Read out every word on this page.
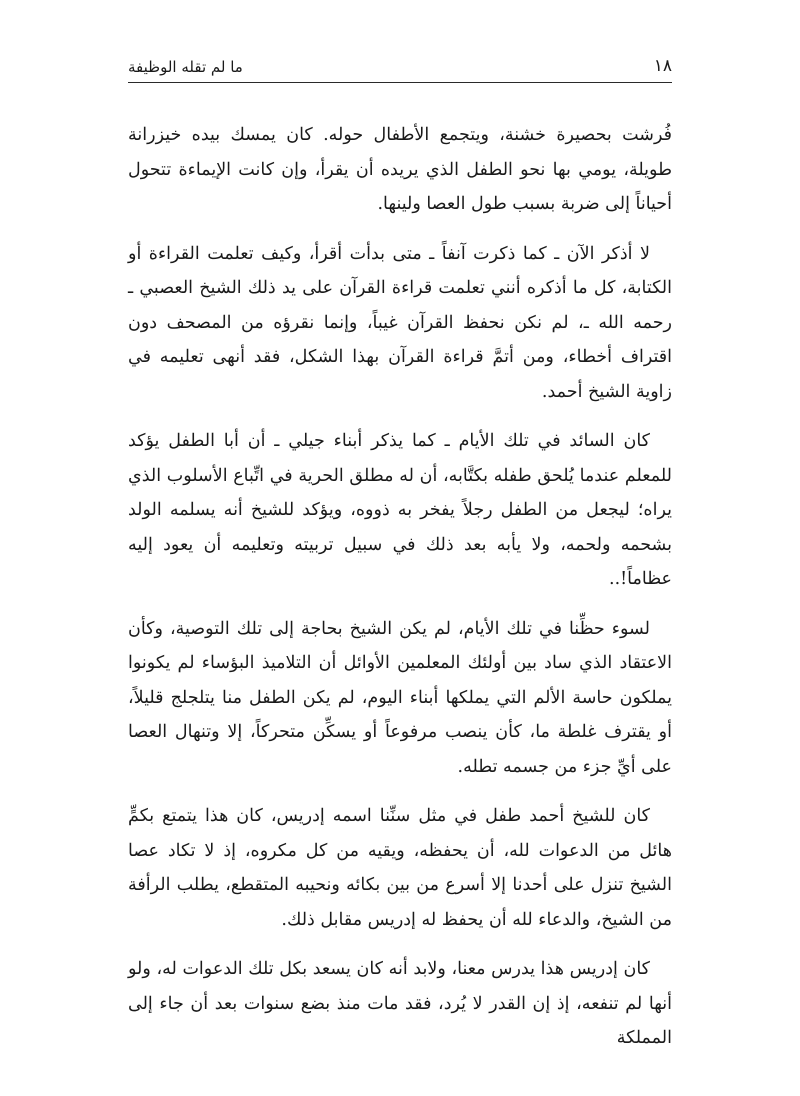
١٨
ما لم تقله الوظيفة

فُرشت بحصيرة خشنة، ويتجمع الأطفال حوله. كان يمسك بيده خيزرانة طويلة، يومي بها نحو الطفل الذي يريده أن يقرأ، وإن كانت الإيماءة تتحول أحياناً إلى ضربة بسبب طول العصا ولينها.

لا أذكر الآن ـ كما ذكرت آنفاً ـ متى بدأت أقرأ، وكيف تعلمت القراءة أو الكتابة، كل ما أذكره أنني تعلمت قراءة القرآن على يد ذلك الشيخ العصبي ـ رحمه الله ـ، لم نكن نحفظ القرآن غيباً، وإنما نقرؤه من المصحف دون اقتراف أخطاء، ومن أتمَّ قراءة القرآن بهذا الشكل، فقد أنهى تعليمه في زاوية الشيخ أحمد.

كان السائد في تلك الأيام ـ كما يذكر أبناء جيلي ـ أن أبا الطفل يؤكد للمعلم عندما يُلحق طفله بكتَّابه، أن له مطلق الحرية في اتِّباع الأسلوب الذي يراه؛ ليجعل من الطفل رجلاً يفخر به ذووه، ويؤكد للشيخ أنه يسلمه الولد بشحمه ولحمه، ولا يأبه بعد ذلك في سبيل تربيته وتعليمه أن يعود إليه عظاماً!..

لسوء حظِّنا في تلك الأيام، لم يكن الشيخ بحاجة إلى تلك التوصية، وكأن الاعتقاد الذي ساد بين أولئك المعلمين الأوائل أن التلاميذ البؤساء لم يكونوا يملكون حاسة الألم التي يملكها أبناء اليوم، لم يكن الطفل منا يتلجلج قليلاً، أو يقترف غلطة ما، كأن ينصب مرفوعاً أو يسكِّن متحركاً، إلا وتنهال العصا على أيِّ جزء من جسمه تطله.

كان للشيخ أحمد طفل في مثل سنِّنا اسمه إدريس، كان هذا يتمتع بكمٍّ هائل من الدعوات لله، أن يحفظه، ويقيه من كل مكروه، إذ لا تكاد عصا الشيخ تنزل على أحدنا إلا أسرع من بين بكائه ونحيبه المتقطع، يطلب الرأفة من الشيخ، والدعاء لله أن يحفظ له إدريس مقابل ذلك.

كان إدريس هذا يدرس معنا، ولابد أنه كان يسعد بكل تلك الدعوات له، ولو أنها لم تنفعه، إذ إن القدر لا يُرد، فقد مات منذ بضع سنوات بعد أن جاء إلى المملكة
